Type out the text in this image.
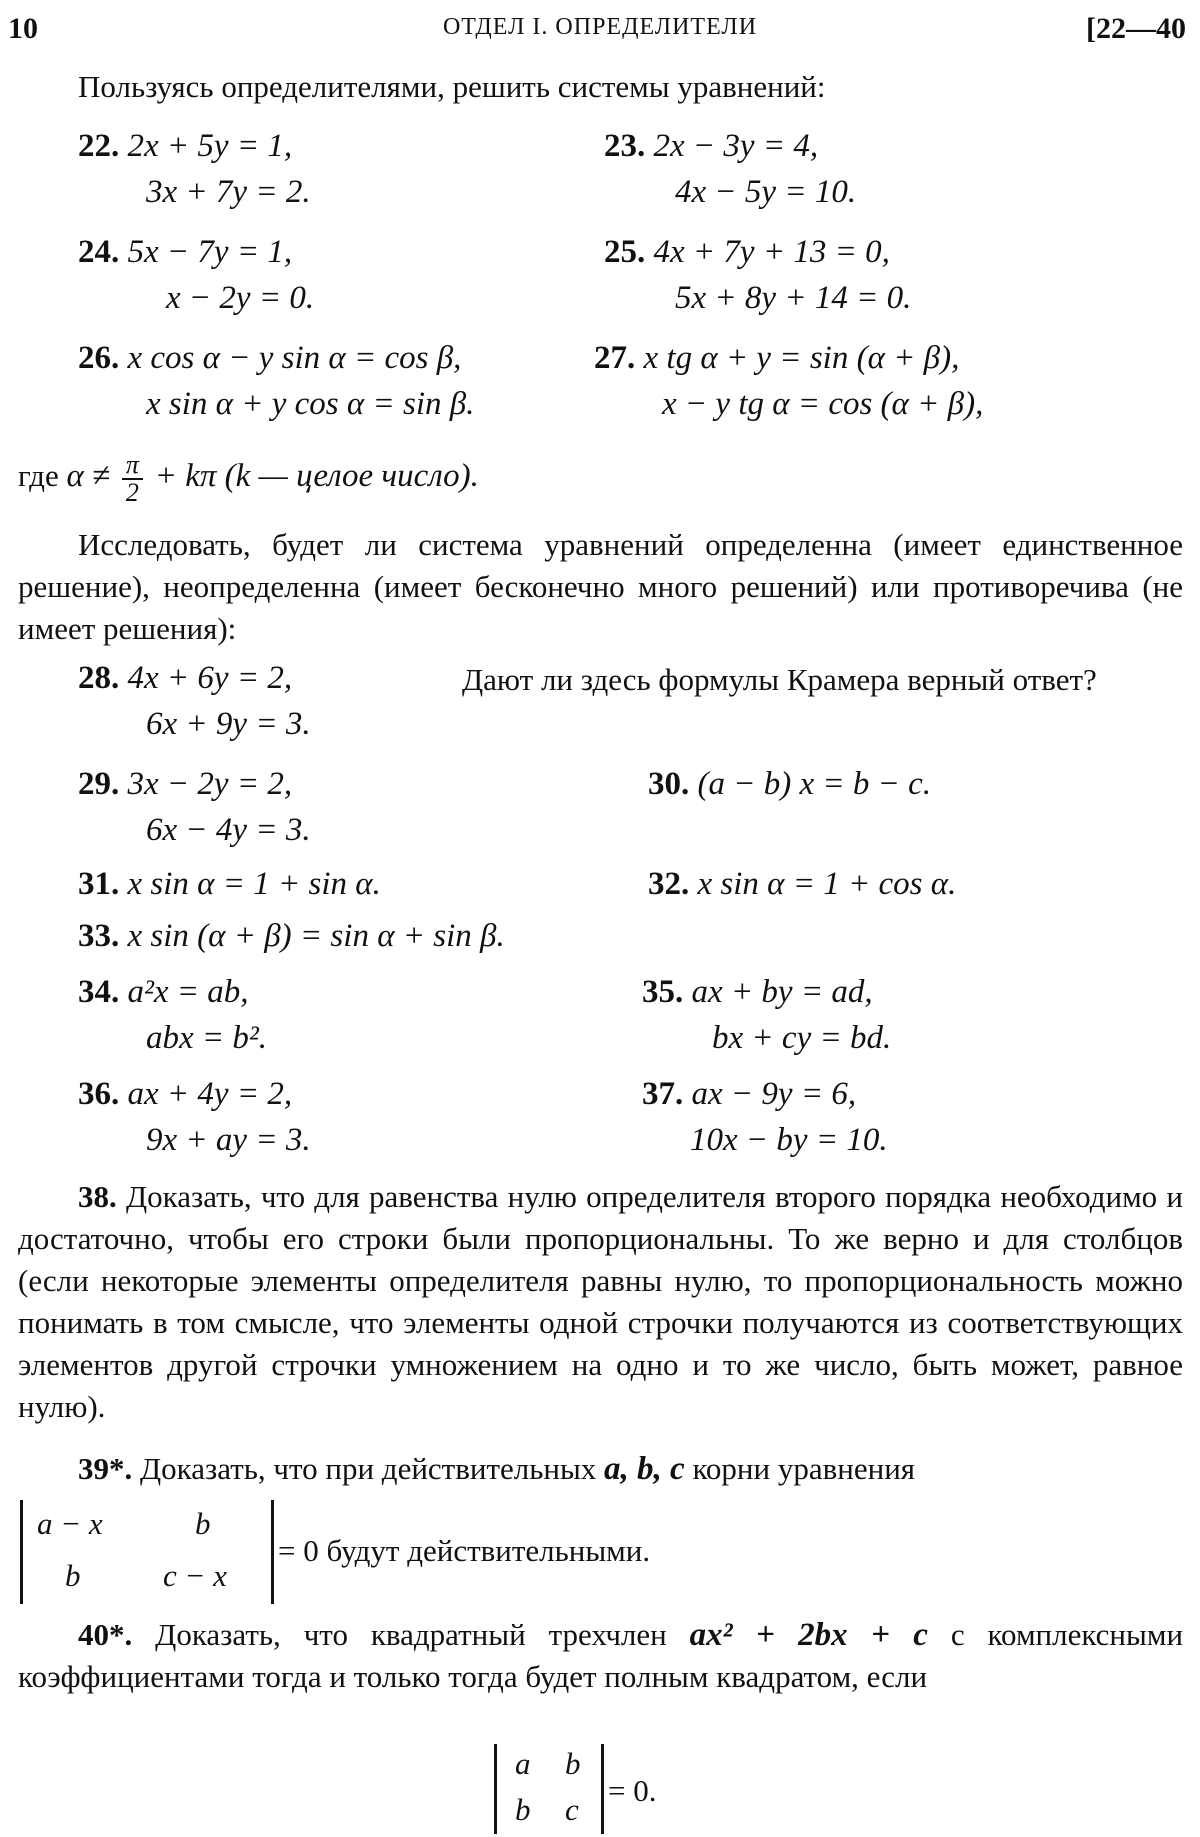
10	ОТДЕЛ I. ОПРЕДЕЛИТЕЛИ	[22—40
Пользуясь определителями, решить системы уравнений:
22. 2x + 5y = 1,
3x + 7y = 2.
23. 2x − 3y = 4,
4x − 5y = 10.
24. 5x − 7y = 1,
x − 2y = 0.
25. 4x + 7y + 13 = 0,
5x + 8y + 14 = 0.
26. x cos α − y sin α = cos β,
x sin α + y cos α = sin β.
27. x tg α + y = sin (α + β),
x − y tg α = cos (α + β),
где $\alpha \ne \frac{\pi}{2} + k\pi$ (k — целое число).
Исследовать, будет ли система уравнений определенна (имеет единственное решение), неопределенна (имеет бесконечно много решений) или противоречива (не имеет решения):
28. 4x + 6y = 2,
6x + 9y = 3.
Дают ли здесь формулы Крамера верный ответ?
29. 3x − 2y = 2,
6x − 4y = 3.
30. (a − b) x = b − c.
31. x sin α = 1 + sin α.	32. x sin α = 1 + cos α.
33. x sin (α + β) = sin α + sin β.
34. a²x = ab,
abx = b².
35. ax + by = ad,
bx + cy = bd.
36. ax + 4y = 2,
9x + ay = 3.
37. ax − 9y = 6,
10x − by = 10.
38. Доказать, что для равенства нулю определителя второго порядка необходимо и достаточно, чтобы его строки были пропорциональны. То же верно и для столбцов (если некоторые элементы определителя равны нулю, то пропорциональность можно понимать в том смысле, что элементы одной строчки получаются из соответствующих элементов другой строчки умножением на одно и то же число, быть может, равное нулю).
39*. Доказать, что при действительных a, b, c корни уравнения
a − x	b
b	c − x
= 0 будут действительными.
40*. Доказать, что квадратный трехчлен ax² + 2bx + c с комплексными коэффициентами тогда и только тогда будет полным квадратом, если
a b
b c
= 0.
